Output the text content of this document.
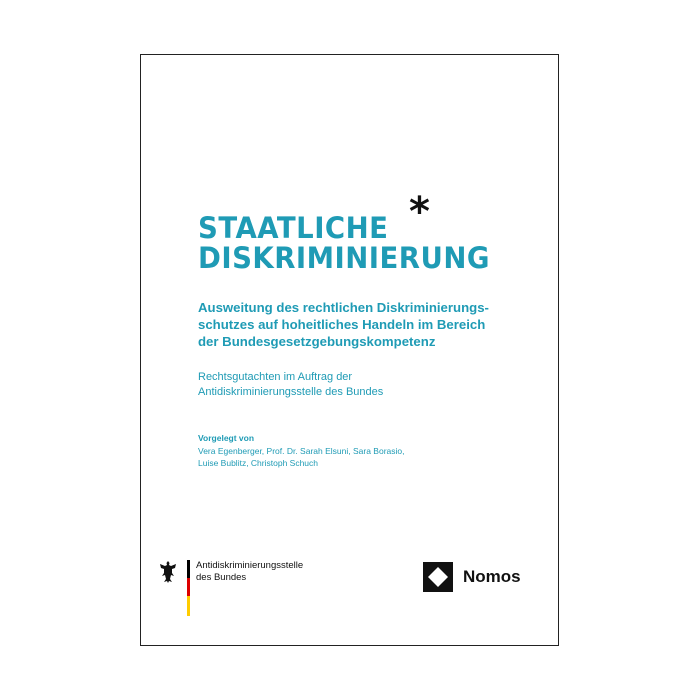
STAATLICHE *
DISKRIMINIERUNG

Ausweitung des rechtlichen Diskriminierungs-
schutzes auf hoheitliches Handeln im Bereich
der Bundesgesetzgebungskompetenz

Rechtsgutachten im Auftrag der
Antidiskriminierungsstelle des Bundes

Vorgelegt von

Vera Egenberger, Prof. Dr. Sarah Elsuni, Sara Borasio,
Luise Bublitz, Christoph Schuch

Antidiskriminierungsstelle
des Bundes	Nomos
